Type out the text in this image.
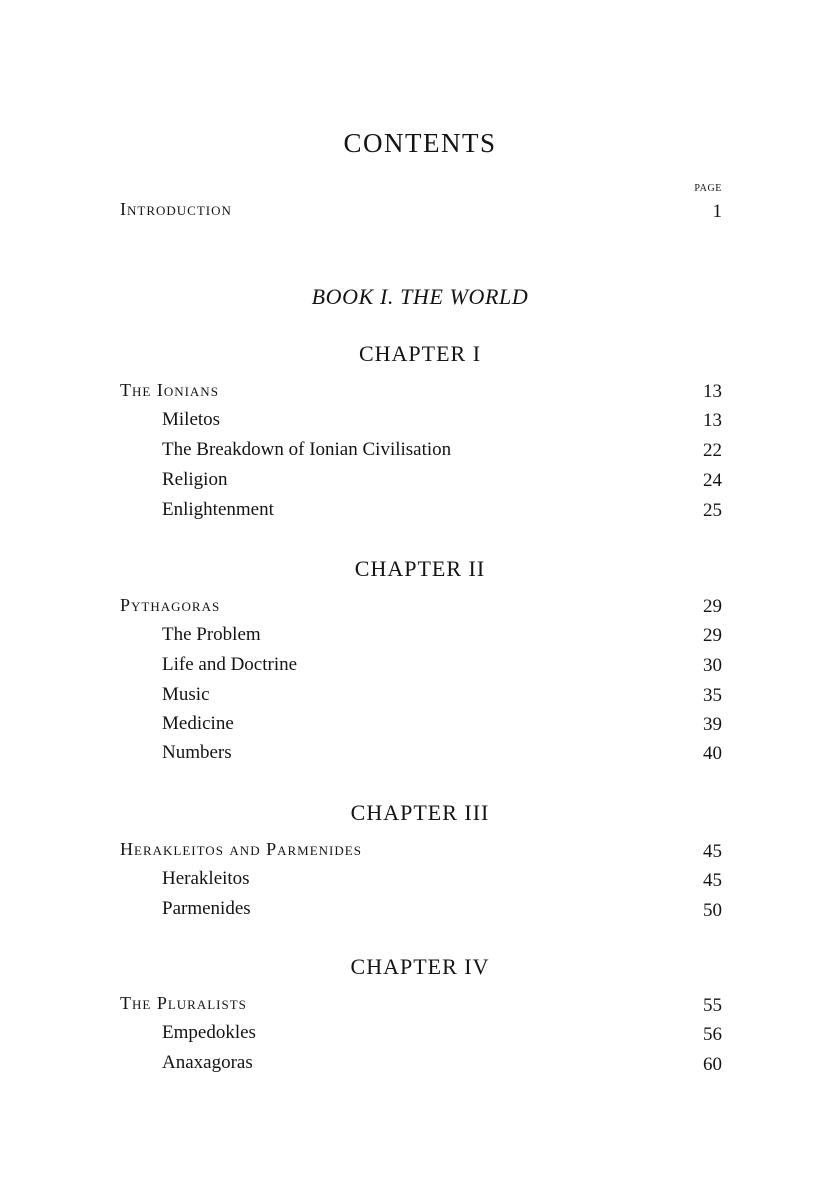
CONTENTS
PAGE
Introduction	1
BOOK I. THE WORLD
CHAPTER I
The Ionians	13
Miletos	13
The Breakdown of Ionian Civilisation	22
Religion	24
Enlightenment	25
CHAPTER II
Pythagoras	29
The Problem	29
Life and Doctrine	30
Music	35
Medicine	39
Numbers	40
CHAPTER III
Herakleitos and Parmenides	45
Herakleitos	45
Parmenides	50
CHAPTER IV
The Pluralists	55
Empedokles	56
Anaxagoras	60
